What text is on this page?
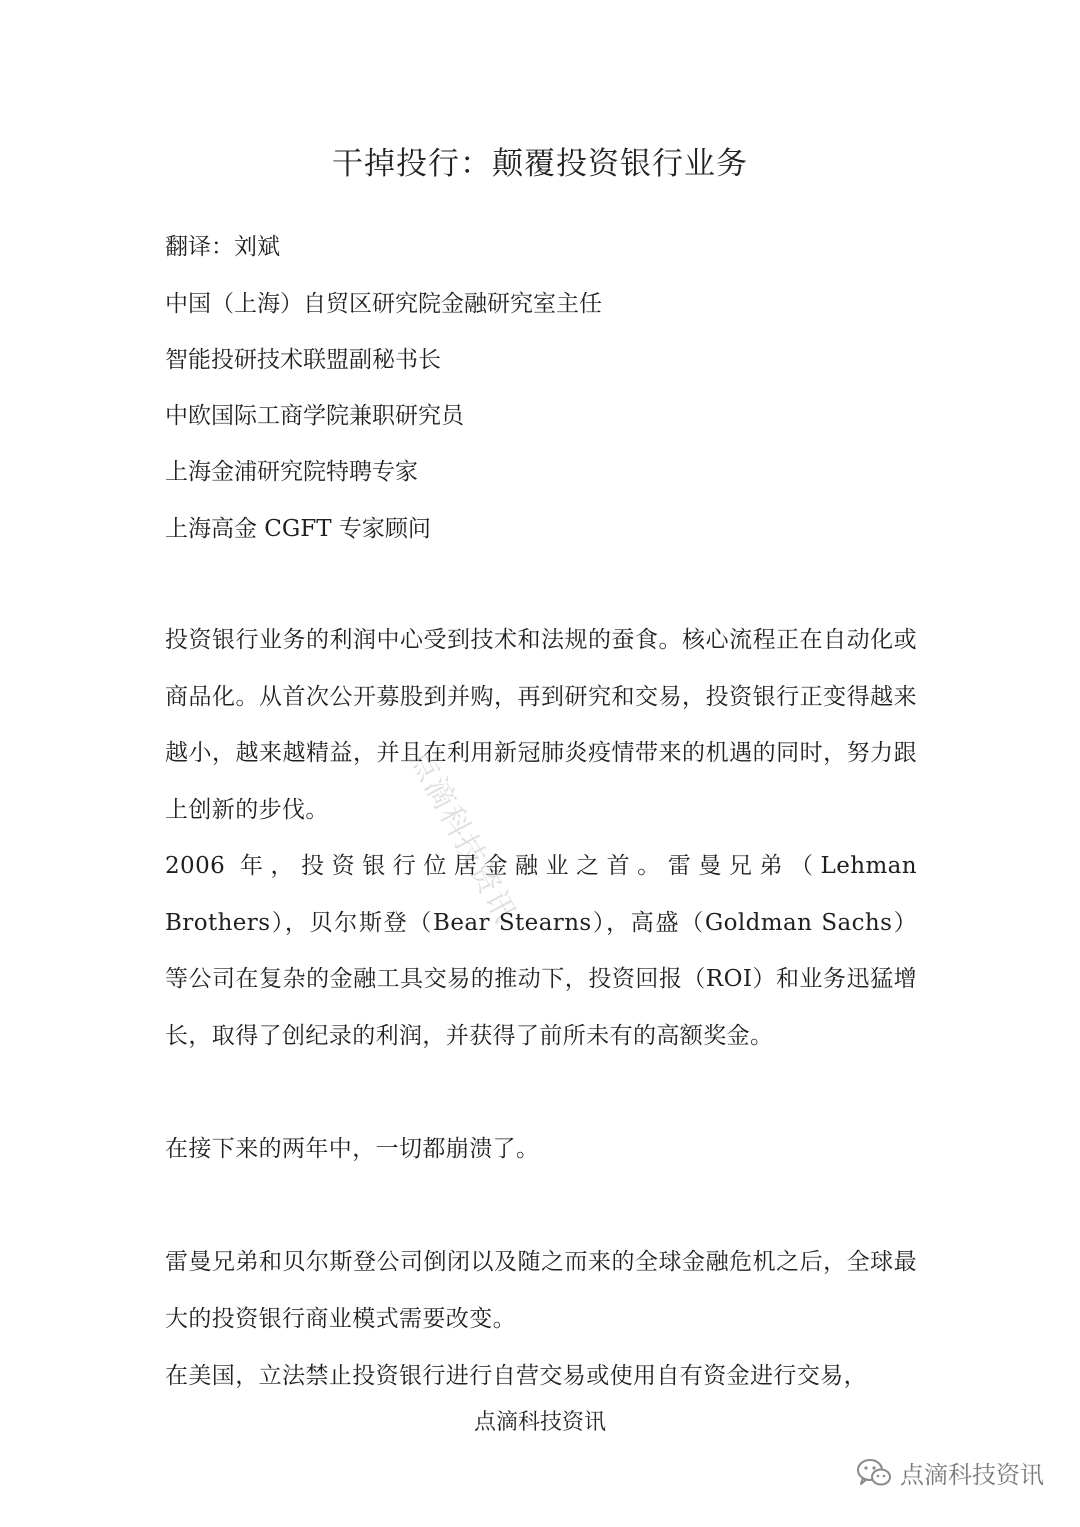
干掉投行：颠覆投资银行业务
翻译：刘斌
中国（上海）自贸区研究院金融研究室主任
智能投研技术联盟副秘书长
中欧国际工商学院兼职研究员
上海金浦研究院特聘专家
上海高金 CGFT 专家顾问
投资银行业务的利润中心受到技术和法规的蚕食。核心流程正在自动化或商品化。从首次公开募股到并购，再到研究和交易，投资银行正变得越来越小，越来越精益，并且在利用新冠肺炎疫情带来的机遇的同时，努力跟上创新的步伐。
2006 年，投资银行位居金融业之首。雷曼兄弟（Lehman Brothers），贝尔斯登（Bear Stearns），高盛（Goldman Sachs）等公司在复杂的金融工具交易的推动下，投资回报（ROI）和业务迅猛增长，取得了创纪录的利润，并获得了前所未有的高额奖金。
在接下来的两年中，一切都崩溃了。
雷曼兄弟和贝尔斯登公司倒闭以及随之而来的全球金融危机之后，全球最大的投资银行商业模式需要改变。
在美国，立法禁止投资银行进行自营交易或使用自有资金进行交易，
点滴科技资讯
点滴科技资讯
点滴科技资讯
